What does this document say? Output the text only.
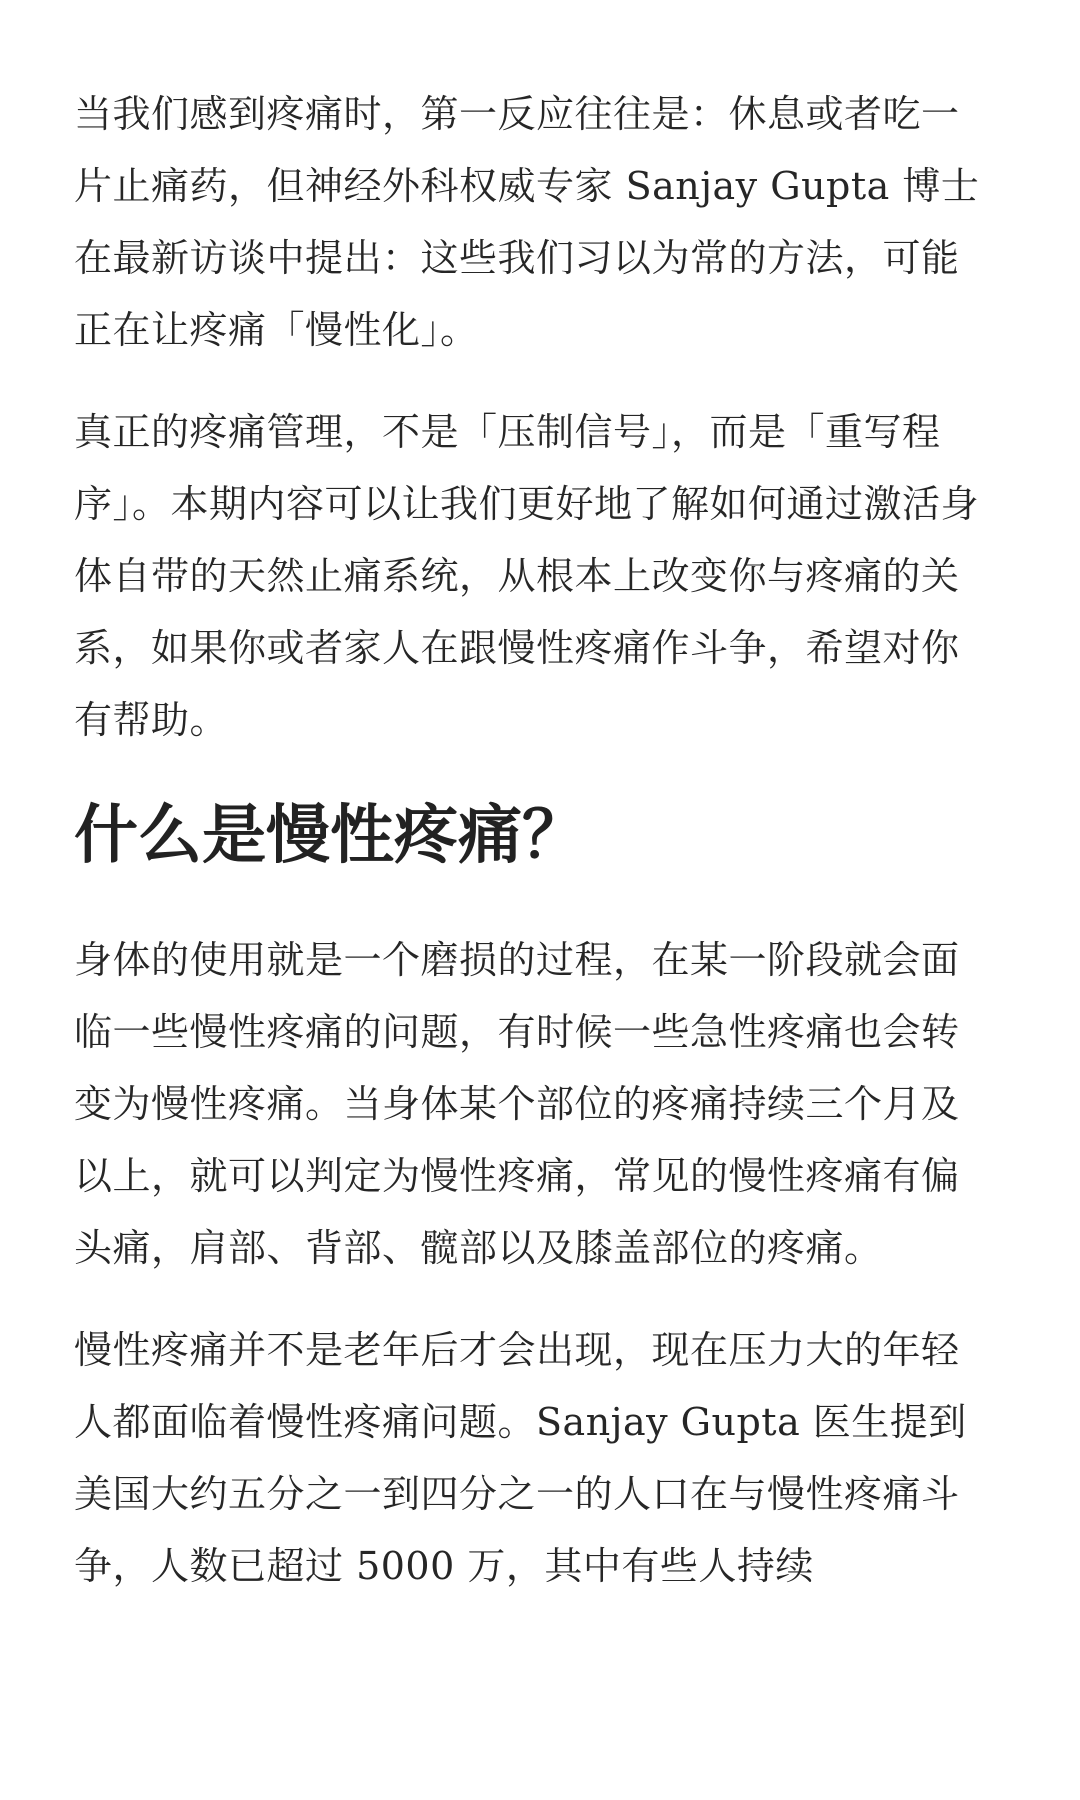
当我们感到疼痛时，第一反应往往是：休息或者吃一片止痛药，但神经外科权威专家 Sanjay Gupta 博士在最新访谈中提出：这些我们习以为常的方法，可能正在让疼痛「慢性化」。

真正的疼痛管理，不是「压制信号」，而是「重写程序」。本期内容可以让我们更好地了解如何通过激活身体自带的天然止痛系统，从根本上改变你与疼痛的关系，如果你或者家人在跟慢性疼痛作斗争，希望对你有帮助。

什么是慢性疼痛？

身体的使用就是一个磨损的过程，在某一阶段就会面临一些慢性疼痛的问题，有时候一些急性疼痛也会转变为慢性疼痛。当身体某个部位的疼痛持续三个月及以上，就可以判定为慢性疼痛，常见的慢性疼痛有偏头痛，肩部、背部、髋部以及膝盖部位的疼痛。

慢性疼痛并不是老年后才会出现，现在压力大的年轻人都面临着慢性疼痛问题。Sanjay Gupta 医生提到美国大约五分之一到四分之一的人口在与慢性疼痛斗争，人数已超过 5000 万，其中有些人持续
